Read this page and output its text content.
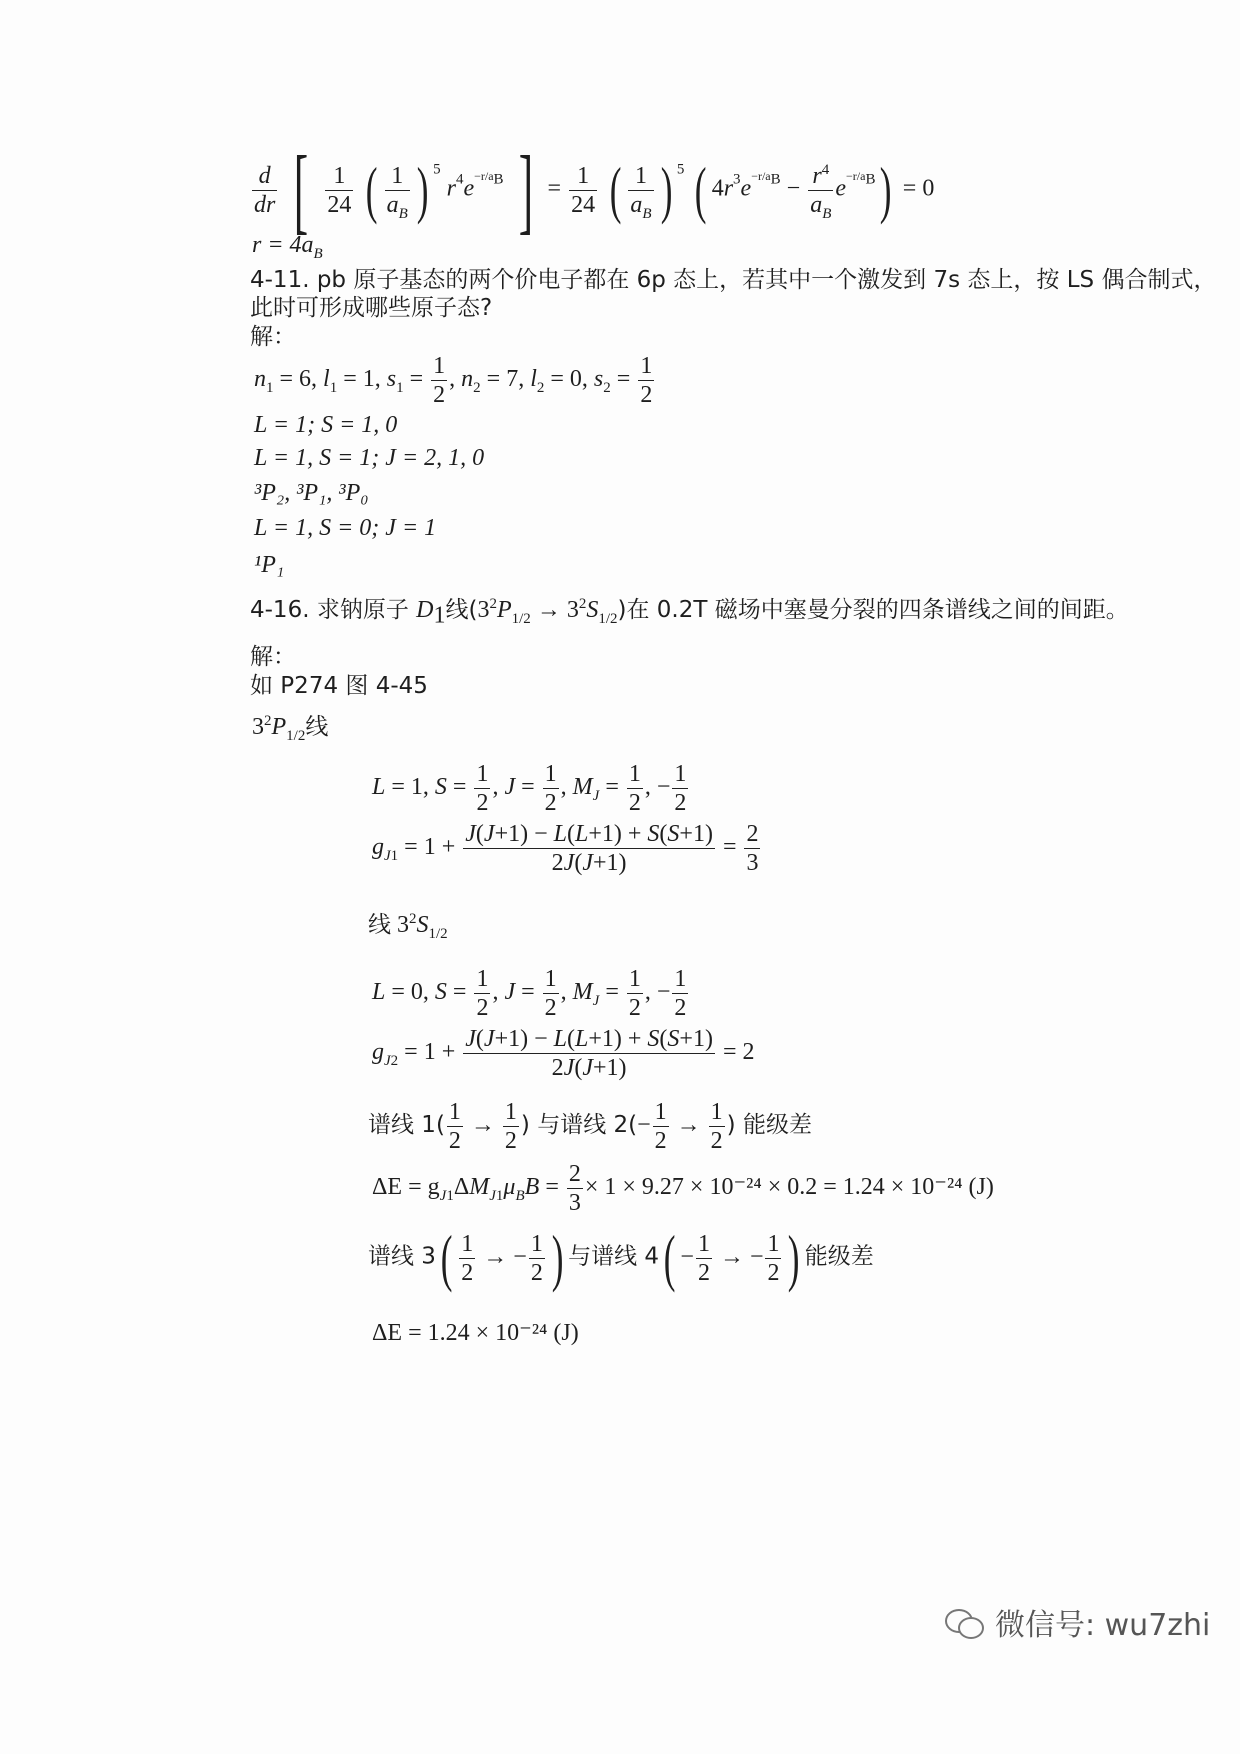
$\frac{d}{dr}$ [ $\frac{1}{24}$ ( $\frac{1}{a_B}$ ) $^5$ $r^4e^{-r/a_B}$ ] = $\frac{1}{24}$ ( $\frac{1}{a_B}$ ) $^5$ ( $4r^3e^{-r/a_B} - \frac{r^4}{a_B} e^{-r/a_B}) = 0$
$r = 4a_B$
4-11. pb 原子基态的两个价电子都在 6p 态上，若其中一个激发到 7s 态上，按 LS 偶合制式，
此时可形成哪些原子态?
解：
$n_1 = 6$, $l_1 = 1$, $s_1 = \frac{1}{2}$ , $n_2 = 7$, $l_2 = 0$, $s_2 = \frac{1}{2}$
L = 1; S = 1, 0
L = 1, S = 1; J = 2, 1, 0
³P₂, ³P₁, ³P₀
L = 1, S = 0; J = 1
¹P₁
4-16. 求钠原子 $D_1$线$(3^2P_{1/2} \to 3^2S_{1/2})$在 0.2T 磁场中塞曼分裂的四条谱线之间的间距。
解：
如 P274 图 4-45
$3^2P_{1/2}$线
L = 1, $S = \frac{1}{2}$ , $J = \frac{1}{2}$ , $M_J = \frac{1}{2}$ , − $\frac{1}{2}$
$g_{J1} = 1 + \frac{J(J+1) - L(L+1) + S(S+1)}{2J(J+1)} = \frac{2}{3}$
线 $3^2S_{1/2}$
L = 0, $S = \frac{1}{2}$ , $J = \frac{1}{2}$ , $M_J = \frac{1}{2}$ , − $\frac{1}{2}$
$g_{J2} = 1 + \frac{J(J+1) - L(L+1) + S(S+1)}{2J(J+1)} = 2$
谱线 $1( \frac{1}{2} \to \frac{1}{2}$ ) 与谱线 $2(- \frac{1}{2} \to \frac{1}{2}$ ) 能级差
$\Delta E = g_{J1}\Delta M_{J1}\mu_BB = \frac{2}{3} \times 1 \times 9.27 \times 10^{-24} \times 0.2 = 1.24 \times 10^{-24}$ (J)
谱线 $3( \frac{1}{2}$ → − $\frac{1}{2}$ ) 与谱线 $4( - \frac{1}{2}$ → − $\frac{1}{2}$ ) 能级差
ΔE = 1.24 × 10⁻²⁴ (J)
微信号: wu7zhi
